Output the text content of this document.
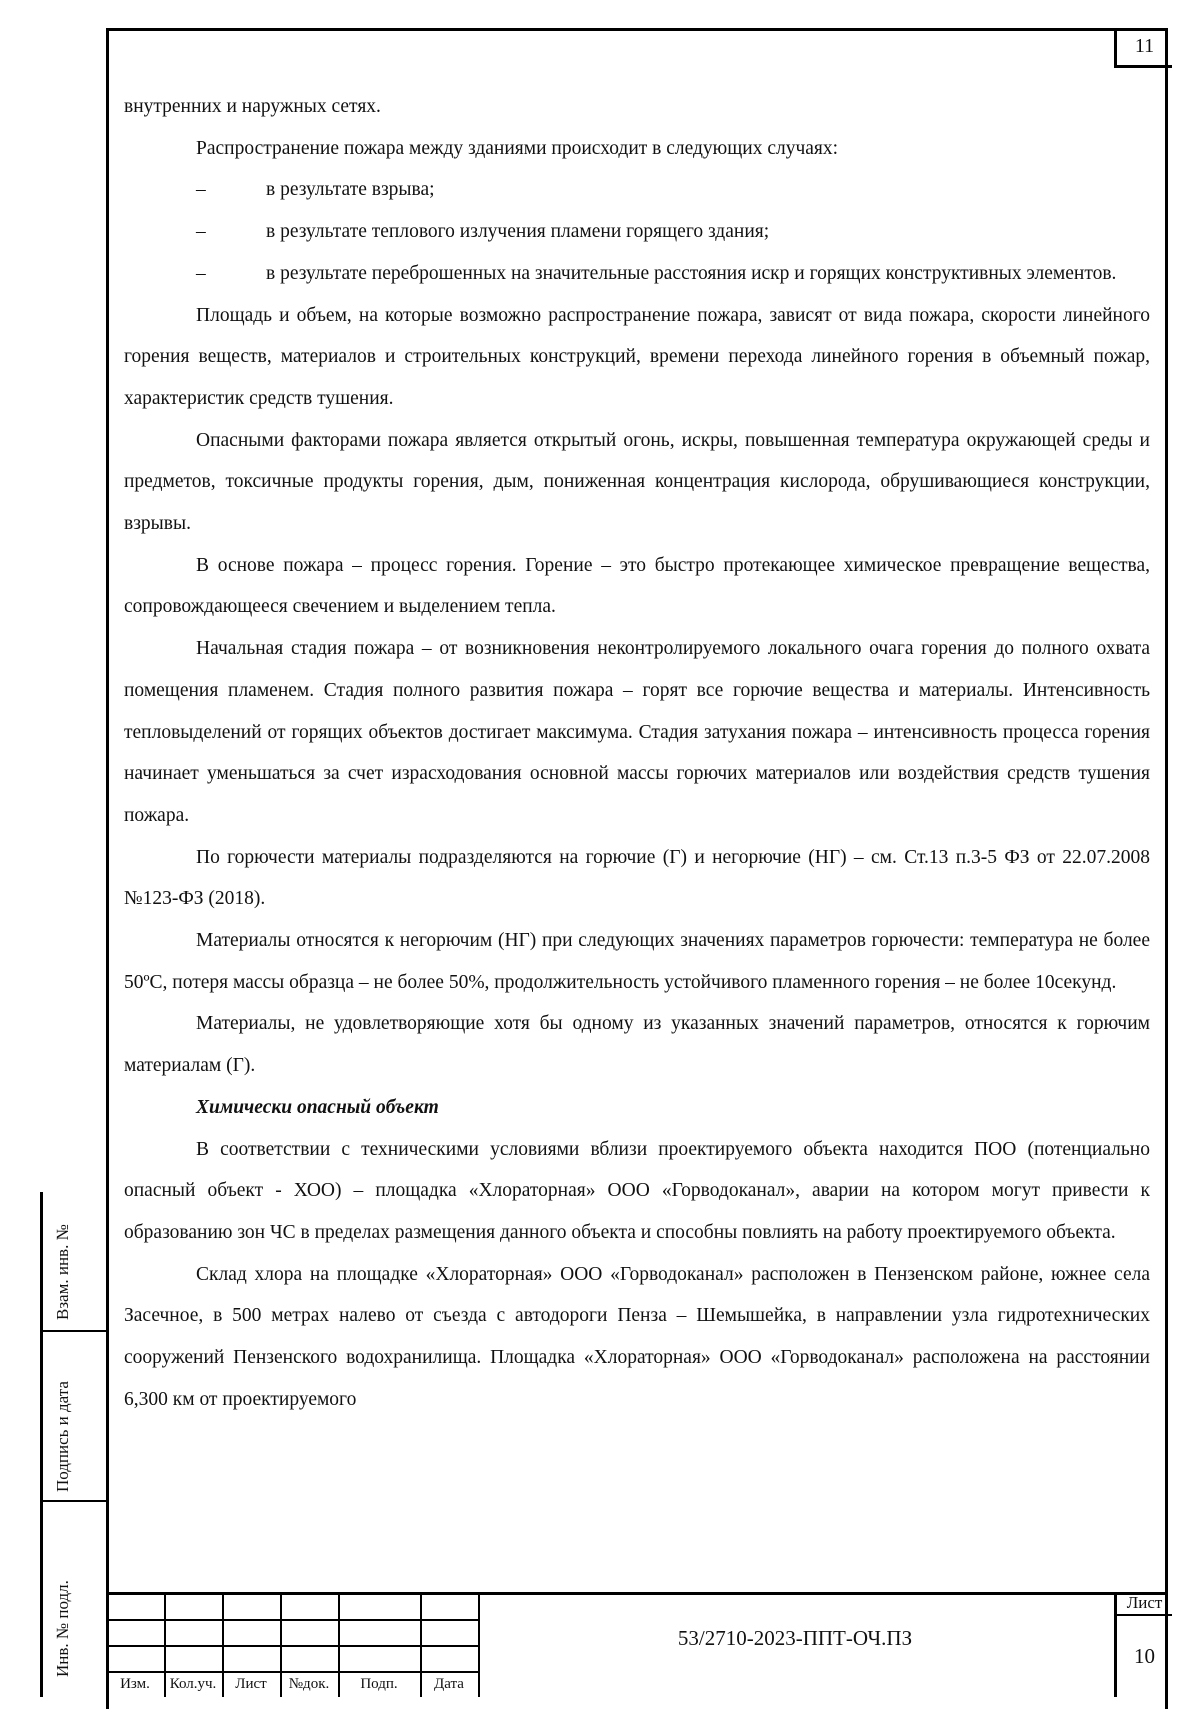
11

внутренних и наружных сетях.

Распространение пожара между зданиями происходит в следующих случаях:

–	в результате взрыва;

–	в результате теплового излучения пламени горящего здания;

–	в результате переброшенных на значительные расстояния искр и горящих конструктивных элементов.

Площадь и объем, на которые возможно распространение пожара, зависят от вида пожара, скорости линейного горения веществ, материалов и строительных конструкций, времени перехода линейного горения в объемный пожар, характеристик средств тушения.

Опасными факторами пожара является открытый огонь, искры, повышенная температура окружающей среды и предметов, токсичные продукты горения, дым, пониженная концентрация кислорода, обрушивающиеся конструкции, взрывы.

В основе пожара – процесс горения. Горение – это быстро протекающее химическое превращение вещества, сопровождающееся свечением и выделением тепла.

Начальная стадия пожара – от возникновения неконтролируемого локального очага горения до полного охвата помещения пламенем. Стадия полного развития пожара – горят все горючие вещества и материалы. Интенсивность тепловыделений от горящих объектов достигает максимума. Стадия затухания пожара – интенсивность процесса горения начинает уменьшаться за счет израсходования основной массы горючих материалов или воздействия средств тушения пожара.

По горючести материалы подразделяются на горючие (Г) и негорючие (НГ) – см. Ст.13 п.3-5 ФЗ от 22.07.2008 №123-ФЗ (2018).

Материалы относятся к негорючим (НГ) при следующих значениях параметров горючести: температура не более 50ºС, потеря массы образца – не более 50%, продолжительность устойчивого пламенного горения – не более 10секунд.

Материалы, не удовлетворяющие хотя бы одному из указанных значений параметров, относятся к горючим материалам (Г).

Химически опасный объект

В соответствии с техническими условиями вблизи проектируемого объекта находится ПОО (потенциально опасный объект - ХОО) – площадка «Хлораторная» ООО «Горводоканал», аварии на котором могут привести к образованию зон ЧС в пределах размещения данного объекта и способны повлиять на работу проектируемого объекта.

Склад хлора на площадке «Хлораторная» ООО «Горводоканал» расположен в Пензенском районе, южнее села Засечное, в 500 метрах налево от съезда с автодороги Пенза – Шемышейка, в направлении узла гидротехнических сооружений Пензенского водохранилища. Площадка «Хлораторная» ООО «Горводоканал» расположена на расстоянии 6,300 км от проектируемого

Взам. инв. №
Подпись и дата
Инв. № подл.
Изм.	Кол.уч.	Лист	№док.	Подп.	Дата
53/2710-2023-ППТ-ОЧ.ПЗ
Лист
10
